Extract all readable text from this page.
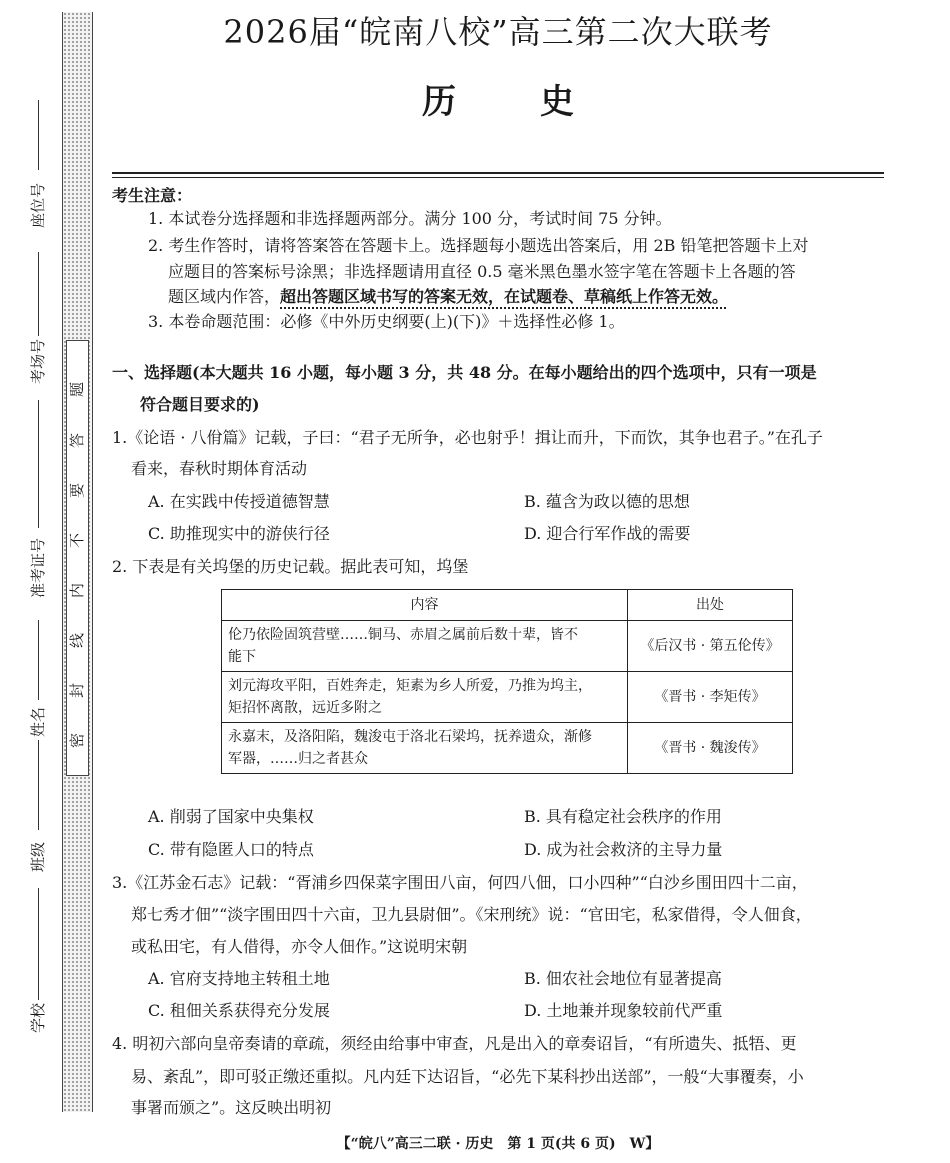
题
答
要
不
内
线
封
密
座位号
考场号
准考证号
姓名
班级
学校
2026届“皖南八校”高三第二次大联考
历 史
考生注意：
1. 本试卷分选择题和非选择题两部分。满分 100 分，考试时间 75 分钟。
2. 考生作答时，请将答案答在答题卡上。选择题每小题选出答案后，用 2B 铅笔把答题卡上对
应题目的答案标号涂黑；非选择题请用直径 0.5 毫米黑色墨水签字笔在答题卡上各题的答
题区域内作答，超出答题区域书写的答案无效，在试题卷、草稿纸上作答无效。
3. 本卷命题范围：必修《中外历史纲要(上)(下)》＋选择性必修 1。
一、选择题(本大题共 16 小题，每小题 3 分，共 48 分。在每小题给出的四个选项中，只有一项是
符合题目要求的)
1.《论语 · 八佾篇》记载，子曰：“君子无所争，必也射乎！揖让而升，下而饮，其争也君子。”在孔子
看来，春秋时期体育活动
A. 在实践中传授道德智慧	B. 蕴含为政以德的思想
C. 助推现实中的游侠行径	D. 迎合行军作战的需要
2. 下表是有关坞堡的历史记载。据此表可知，坞堡
内容	出处

伦乃依险固筑营壁……铜马、赤眉之属前后数十辈，皆不
能下	《后汉书 · 第五伦传》

刘元海攻平阳，百姓奔走，矩素为乡人所爱，乃推为坞主，
矩招怀离散，远近多附之	《晋书 · 李矩传》

永嘉末，及洛阳陷，魏浚屯于洛北石梁坞，抚养遗众，渐修
军器，……归之者甚众	《晋书 · 魏浚传》
A. 削弱了国家中央集权	B. 具有稳定社会秩序的作用
C. 带有隐匿人口的特点	D. 成为社会救济的主导力量
3.《江苏金石志》记载：“胥浦乡四保菜字围田八亩，何四八佃，口小四种”“白沙乡围田四十二亩，
郑七秀才佃”“淡字围田四十六亩，卫九县尉佃”。《宋刑统》说：“官田宅，私家借得，令人佃食，
或私田宅，有人借得，亦令人佃作。”这说明宋朝
A. 官府支持地主转租土地	B. 佃农社会地位有显著提高
C. 租佃关系获得充分发展	D. 土地兼并现象较前代严重
4. 明初六部向皇帝奏请的章疏，须经由给事中审查，凡是出入的章奏诏旨，“有所遗失、抵牾、更
易、紊乱”，即可驳正缴还重拟。凡内廷下达诏旨，“必先下某科抄出送部”，一般“大事覆奏，小
事署而颁之”。这反映出明初
【“皖八”高三二联 · 历史　第 1 页(共 6 页)　W】
